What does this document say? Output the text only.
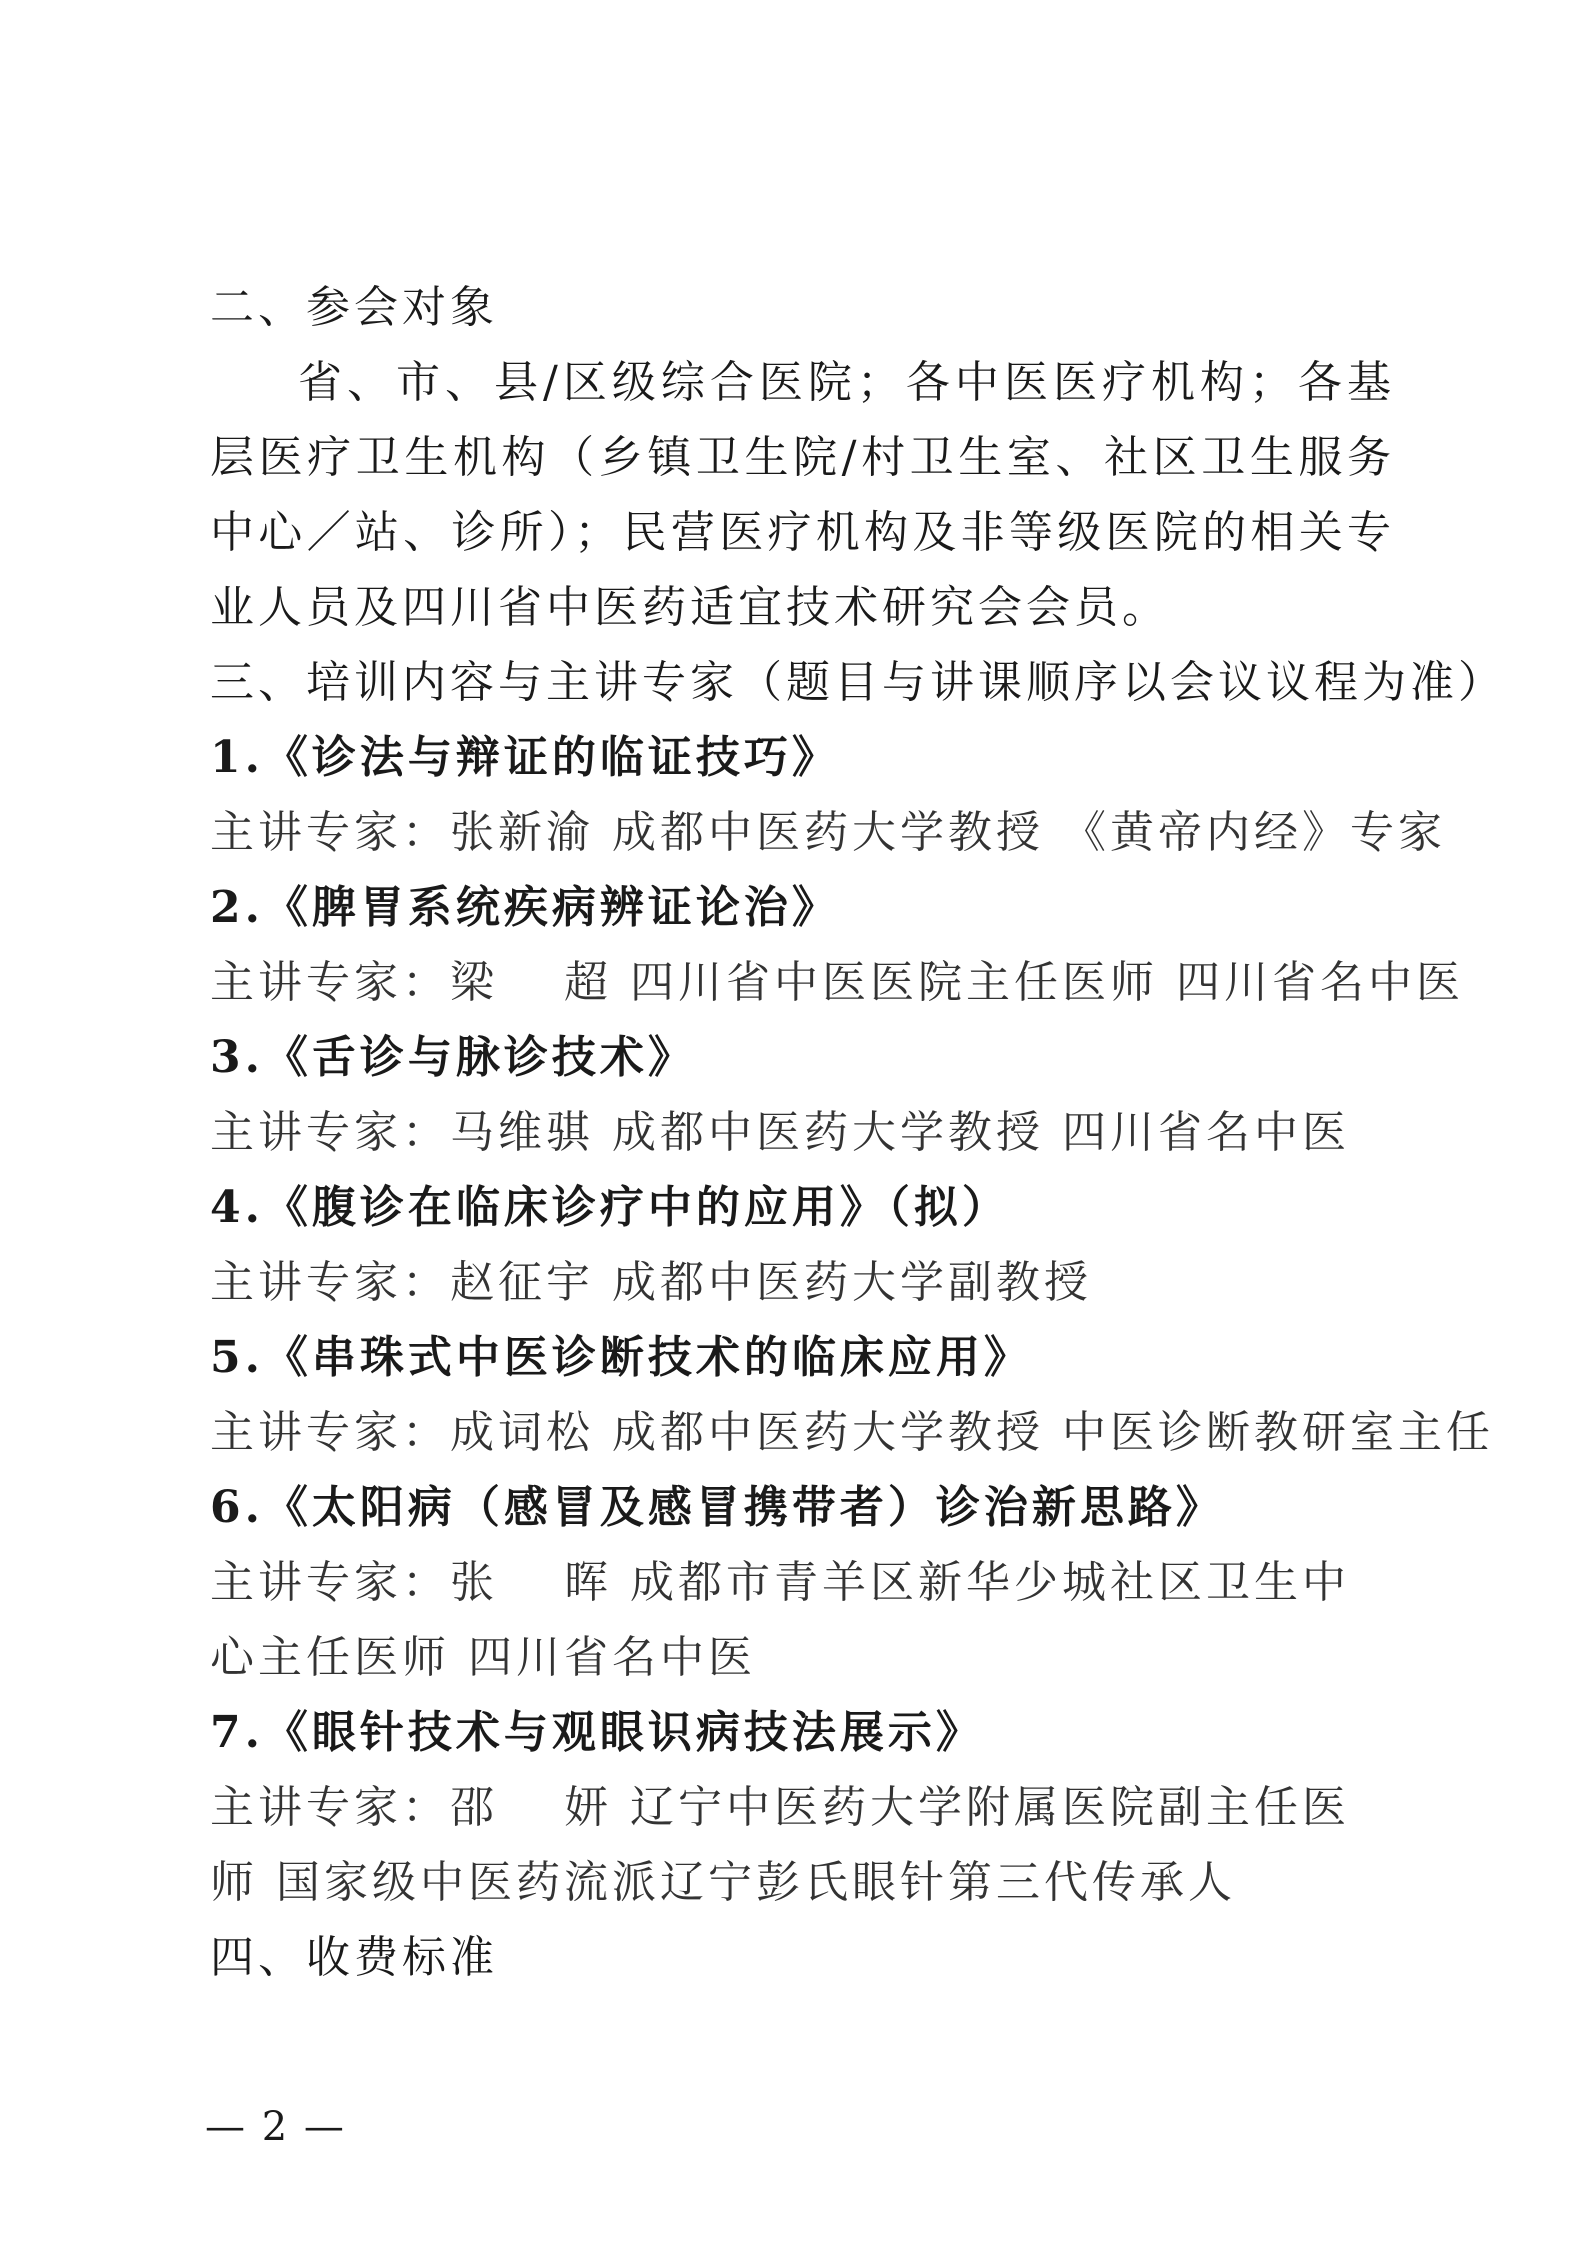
二、参会对象
省、市、县/区级综合医院；各中医医疗机构；各基层医疗卫生机构（乡镇卫生院/村卫生室、社区卫生服务中心／站、诊所）；民营医疗机构及非等级医院的相关专业人员及四川省中医药适宜技术研究会会员。
三、培训内容与主讲专家（题目与讲课顺序以会议议程为准）
1.《诊法与辩证的临证技巧》
主讲专家：张新渝 成都中医药大学教授 《黄帝内经》专家
2.《脾胃系统疾病辨证论治》
主讲专家：梁　 超 四川省中医医院主任医师 四川省名中医
3.《舌诊与脉诊技术》
主讲专家：马维骐 成都中医药大学教授 四川省名中医
4.《腹诊在临床诊疗中的应用》（拟）
主讲专家：赵征宇 成都中医药大学副教授
5.《串珠式中医诊断技术的临床应用》
主讲专家：成词松 成都中医药大学教授 中医诊断教研室主任
6.《太阳病（感冒及感冒携带者）诊治新思路》
主讲专家：张　 晖 成都市青羊区新华少城社区卫生中心主任医师 四川省名中医
7.《眼针技术与观眼识病技法展示》
主讲专家：邵　 妍 辽宁中医药大学附属医院副主任医师 国家级中医药流派辽宁彭氏眼针第三代传承人
四、收费标准
— 2 —
